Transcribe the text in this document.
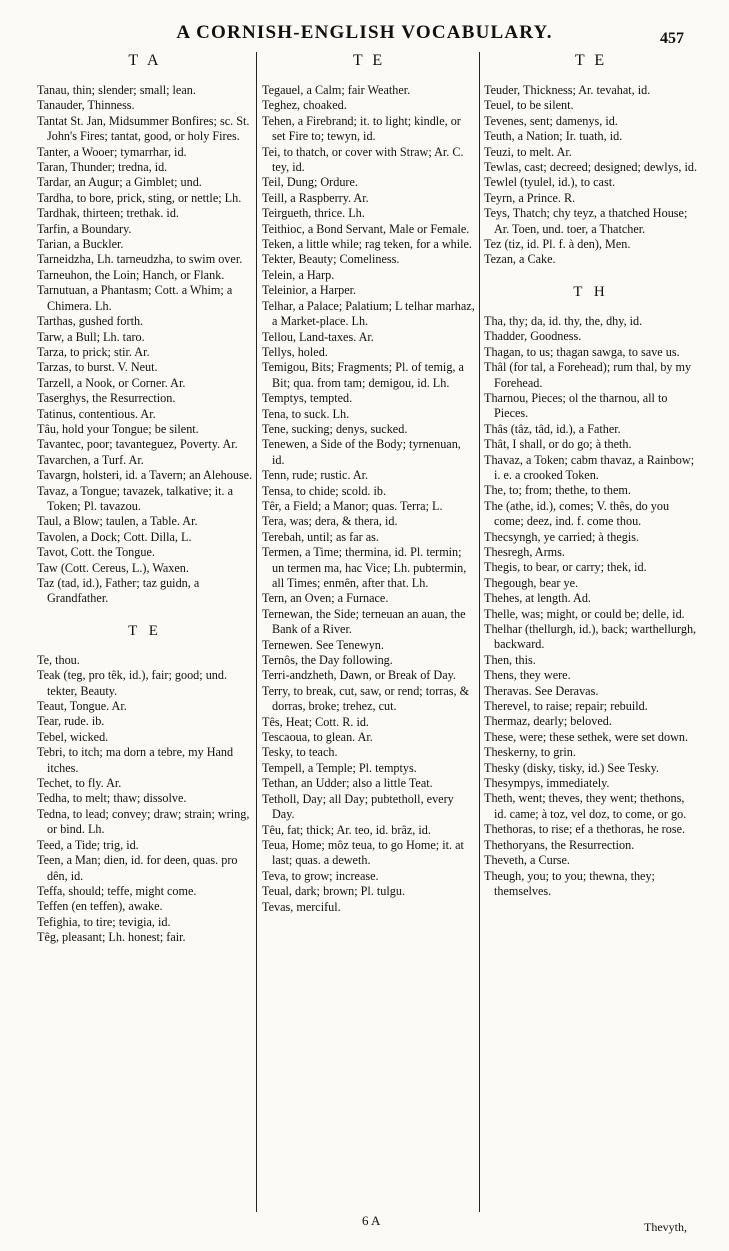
A CORNISH-ENGLISH VOCABULARY.	457
T A

Tanau, thin; slender; small; lean.

Tanauder, Thinness.

Tantat St. Jan, Midsummer Bonfires; sc. St. John's Fires; tantat, good, or holy Fires.

Tanter, a Wooer; tymarrhar, id.

Taran, Thunder; tredna, id.

Tardar, an Augur; a Gimblet; und.

Tardha, to bore, prick, sting, or nettle; Lh.

Tardhak, thirteen; trethak. id.

Tarfin, a Boundary.

Tarian, a Buckler.

Tarneidzha, Lh. tarneudzha, to swim over.

Tarneuhon, the Loin; Hanch, or Flank.

Tarnutuan, a Phantasm; Cott. a Whim; a Chimera. Lh.

Tarthas, gushed forth.

Tarw, a Bull; Lh. taro.

Tarza, to prick; stir. Ar.

Tarzas, to burst. V. Neut.

Tarzell, a Nook, or Corner. Ar.

Taserghys, the Resurrection.

Tatinus, contentious. Ar.

Tâu, hold your Tongue; be silent.

Tavantec, poor; tavanteguez, Poverty. Ar.

Tavarchen, a Turf. Ar.

Tavargn, holsteri, id. a Tavern; an Alehouse.

Tavaz, a Tongue; tavazek, talkative; it. a Token; Pl. tavazou.

Taul, a Blow; taulen, a Table. Ar.

Tavolen, a Dock; Cott. Dilla, L.

Tavot, Cott. the Tongue.

Taw (Cott. Cereus, L.), Waxen.

Taz (tad, id.), Father; taz guidn, a Grandfather.

T E

Te, thou.

Teak (teg, pro têk, id.), fair; good; und. tekter, Beauty.

Teaut, Tongue. Ar.

Tear, rude. ib.

Tebel, wicked.

Tebri, to itch; ma dorn a tebre, my Hand itches.

Techet, to fly. Ar.

Tedha, to melt; thaw; dissolve.

Tedna, to lead; convey; draw; strain; wring, or bind. Lh.

Teed, a Tide; trig, id.

Teen, a Man; dien, id. for deen, quas. pro dên, id.

Teffa, should; teffe, might come.

Teffen (en teffen), awake.

Tefighia, to tire; tevigia, id.

Têg, pleasant; Lh. honest; fair.

T E

Tegauel, a Calm; fair Weather.

Teghez, choaked.

Tehen, a Firebrand; it. to light; kindle, or set Fire to; tewyn, id.

Tei, to thatch, or cover with Straw; Ar. C. tey, id.

Teil, Dung; Ordure.

Teill, a Raspberry. Ar.

Teirgueth, thrice. Lh.

Teithioc, a Bond Servant, Male or Female.

Teken, a little while; rag teken, for a while.

Tekter, Beauty; Comeliness.

Telein, a Harp.

Teleinior, a Harper.

Telhar, a Palace; Palatium; L telhar marhaz, a Market-place. Lh.

Tellou, Land-taxes. Ar.

Tellys, holed.

Temigou, Bits; Fragments; Pl. of temig, a Bit; qua. from tam; demigou, id. Lh.

Temptys, tempted.

Tena, to suck. Lh.

Tene, sucking; denys, sucked.

Tenewen, a Side of the Body; tyrnenuan, id.

Tenn, rude; rustic. Ar.

Tensa, to chide; scold. ib.

Têr, a Field; a Manor; quas. Terra; L.

Tera, was; dera, & thera, id.

Terebah, until; as far as.

Termen, a Time; thermina, id. Pl. termin; un termen ma, hac Vice; Lh. pubtermin, all Times; enmên, after that. Lh.

Tern, an Oven; a Furnace.

Ternewan, the Side; terneuan an auan, the Bank of a River.

Ternewen. See Tenewyn.

Ternôs, the Day following.

Terri-andzheth, Dawn, or Break of Day.

Terry, to break, cut, saw, or rend; torras, & dorras, broke; trehez, cut.

Tês, Heat; Cott. R. id.

Tescaoua, to glean. Ar.

Tesky, to teach.

Tempell, a Temple; Pl. temptys.

Tethan, an Udder; also a little Teat.

Tetholl, Day; all Day; pubtetholl, every Day.

Têu, fat; thick; Ar. teo, id. brâz, id.

Teua, Home; môz teua, to go Home; it. at last; quas. a deweth.

Teva, to grow; increase.

Teual, dark; brown; Pl. tulgu.

Tevas, merciful.

T E

Teuder, Thickness; Ar. tevahat, id.

Teuel, to be silent.

Tevenes, sent; damenys, id.

Teuth, a Nation; Ir. tuath, id.

Teuzi, to melt. Ar.

Tewlas, cast; decreed; designed; dewlys, id.

Tewlel (tyulel, id.), to cast.

Teyrn, a Prince. R.

Teys, Thatch; chy teyz, a thatched House; Ar. Toen, und. toer, a Thatcher.

Tez (tiz, id. Pl. f. à den), Men.

Tezan, a Cake.

T H

Tha, thy; da, id. thy, the, dhy, id.

Thadder, Goodness.

Thagan, to us; thagan sawga, to save us.

Thâl (for tal, a Forehead); rum thal, by my Forehead.

Tharnou, Pieces; ol the tharnou, all to Pieces.

Thâs (tâz, tâd, id.), a Father.

Thât, I shall, or do go; à theth.

Thavaz, a Token; cabm thavaz, a Rainbow; i. e. a crooked Token.

The, to; from; thethe, to them.

The (athe, id.), comes; V. thês, do you come; deez, ind. f. come thou.

Thecsyngh, ye carried; à thegis.

Thesregh, Arms.

Thegis, to bear, or carry; thek, id.

Thegough, bear ye.

Thehes, at length. Ad.

Thelle, was; might, or could be; delle, id.

Thelhar (thellurgh, id.), back; warthellurgh, backward.

Then, this.

Thens, they were.

Theravas. See Deravas.

Therevel, to raise; repair; rebuild.

Thermaz, dearly; beloved.

These, were; these sethek, were set down.

Theskerny, to grin.

Thesky (disky, tisky, id.) See Tesky.

Thesympys, immediately.

Theth, went; theves, they went; thethons, id. came; à toz, vel doz, to come, or go.

Thethoras, to rise; ef a thethoras, he rose.

Thethoryans, the Resurrection.

Theveth, a Curse.

Theugh, you; to you; thewna, they; themselves.

6 A	Thevyth,
